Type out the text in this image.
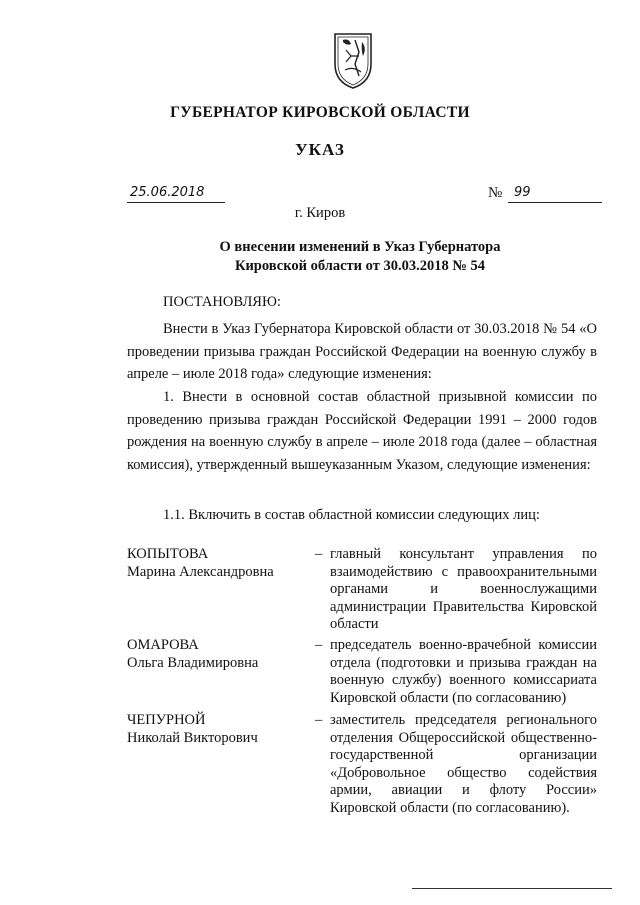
ГУБЕРНАТОР КИРОВСКОЙ ОБЛАСТИ
УКАЗ
25.06.2018	№ 99
г. Киров
О внесении изменений в Указ Губернатора
Кировской области от 30.03.2018 № 54
ПОСТАНОВЛЯЮ:
Внести в Указ Губернатора Кировской области от 30.03.2018 № 54 «О проведении призыва граждан Российской Федерации на военную службу в апреле – июле 2018 года» следующие изменения:
1. Внести в основной состав областной призывной комиссии по проведению призыва граждан Российской Федерации 1991 – 2000 годов рождения на военную службу в апреле – июле 2018 года (далее – областная комиссия), утвержденный вышеуказанным Указом, следующие изменения:
1.1. Включить в состав областной комиссии следующих лиц:
КОПЫТОВА
Марина Александровна
– главный консультант управления по взаимодействию с правоохранительными органами и военнослужащими администрации Правительства Кировской области
ОМАРОВА
Ольга Владимировна
– председатель военно-врачебной комиссии отдела (подготовки и призыва граждан на военную службу) военного комиссариата Кировской области (по согласованию)
ЧЕПУРНОЙ
Николай Викторович
– заместитель председателя регионального отделения Общероссийской общественно-государственной организации «Добровольное общество содействия армии, авиации и флоту России» Кировской области (по согласованию).
